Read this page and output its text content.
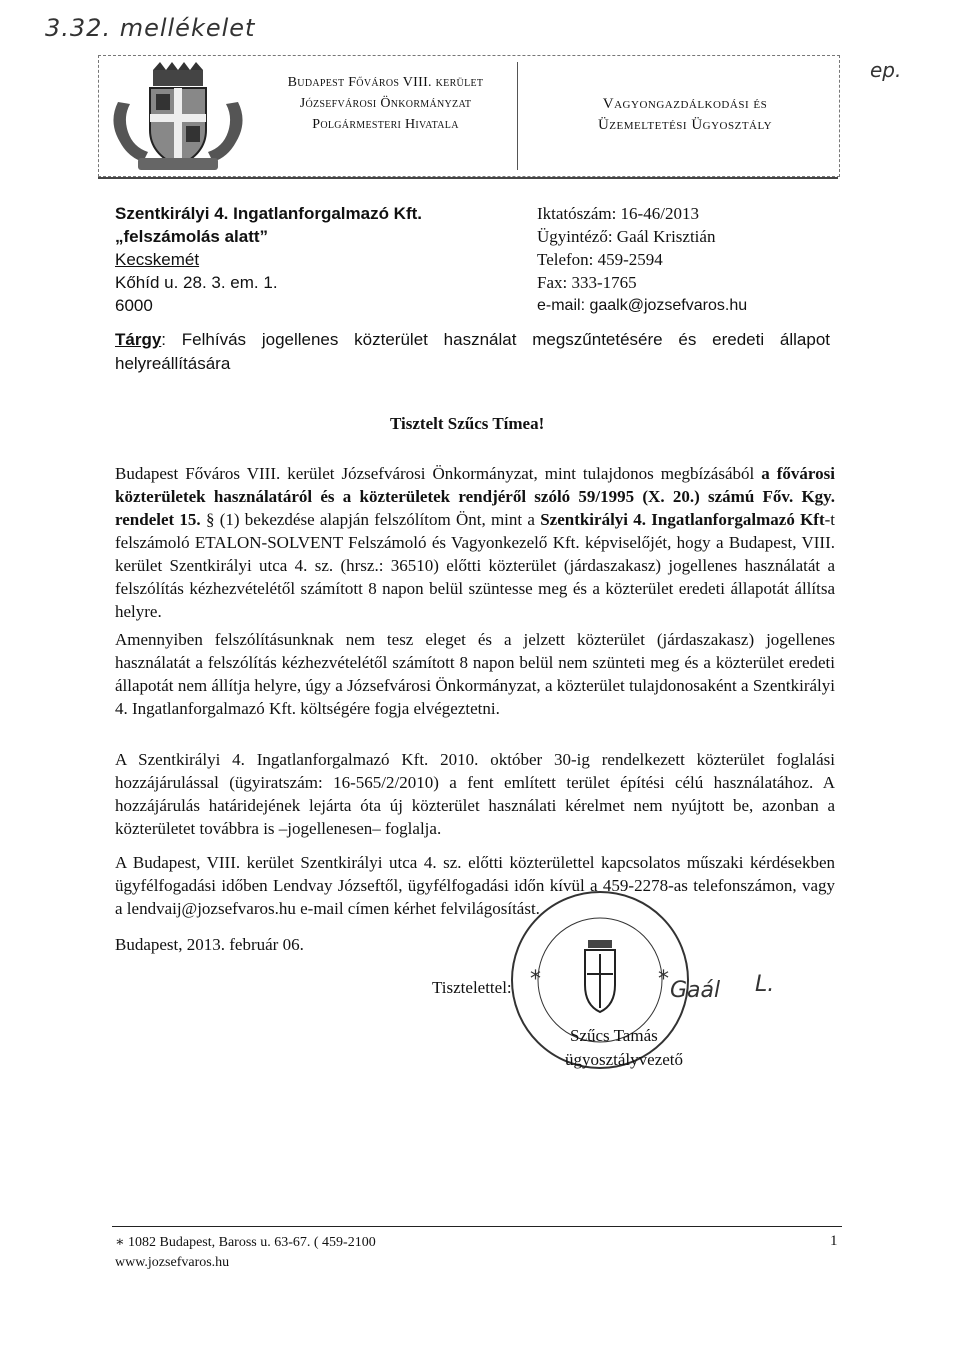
3.32. mellékelet
ep.
Budapest Főváros VIII. kerület
Józsefvárosi Önkormányzat
Polgármesteri Hivatala
Vagyongazdálkodási és
Üzemeltetési Ügyosztály
Szentkirályi 4. Ingatlanforgalmazó Kft.
„felszámolás alatt”
Kecskemét
Kőhíd u. 28. 3. em. 1.
6000
Iktatószám: 16-46/2013
Ügyintéző: Gaál Krisztián
Telefon: 459-2594
Fax: 333-1765
e-mail: gaalk@jozsefvaros.hu
Tárgy: Felhívás jogellenes közterület használat megszűntetésére és eredeti állapot helyreállítására
Tisztelt Szűcs Tímea!
Budapest Főváros VIII. kerület Józsefvárosi Önkormányzat, mint tulajdonos megbízásából a fővárosi közterületek használatáról és a közterületek rendjéről szóló 59/1995 (X. 20.) számú Főv. Kgy. rendelet 15. § (1) bekezdése alapján felszólítom Önt, mint a Szentkirályi 4. Ingatlanforgalmazó Kft-t felszámoló ETALON-SOLVENT Felszámoló és Vagyonkezelő Kft. képviselőjét, hogy a Budapest, VIII. kerület Szentkirályi utca 4. sz. (hrsz.: 36510) előtti közterület (járdaszakasz) jogellenes használatát a felszólítás kézhezvételétől számított 8 napon belül szüntesse meg és a közterület eredeti állapotát állítsa helyre.
Amennyiben felszólításunknak nem tesz eleget és a jelzett közterület (járdaszakasz) jogellenes használatát a felszólítás kézhezvételétől számított 8 napon belül nem szünteti meg és a közterület eredeti állapotát nem állítja helyre, úgy a Józsefvárosi Önkormányzat, a közterület tulajdonosaként a Szentkirályi 4. Ingatlanforgalmazó Kft. költségére fogja elvégeztetni.
A Szentkirályi 4. Ingatlanforgalmazó Kft. 2010. október 30-ig rendelkezett közterület foglalási hozzájárulással (ügyiratszám: 16-565/2/2010) a fent említett terület építési célú használatához. A hozzájárulás határidejének lejárta óta új közterület használati kérelmet nem nyújtott be, azonban a közterületet továbbra is –jogellenesen– foglalja.
A Budapest, VIII. kerület Szentkirályi utca 4. sz. előtti közterülettel kapcsolatos műszaki kérdésekben ügyfélfogadási időben Lendvay Józseftől, ügyfélfogadási időn kívül a 459-2278-as telefonszámon, vagy a lendvaij@jozsefvaros.hu e-mail címen kérhet felvilágosítást.
Budapest, 2013. február 06.
*	*
Tisztelettel:	Gaál L.
Szűcs Tamás
ügyosztályvezető
∗ 1082 Budapest, Baross u. 63-67. ( 459-2100
www.jozsefvaros.hu
1
